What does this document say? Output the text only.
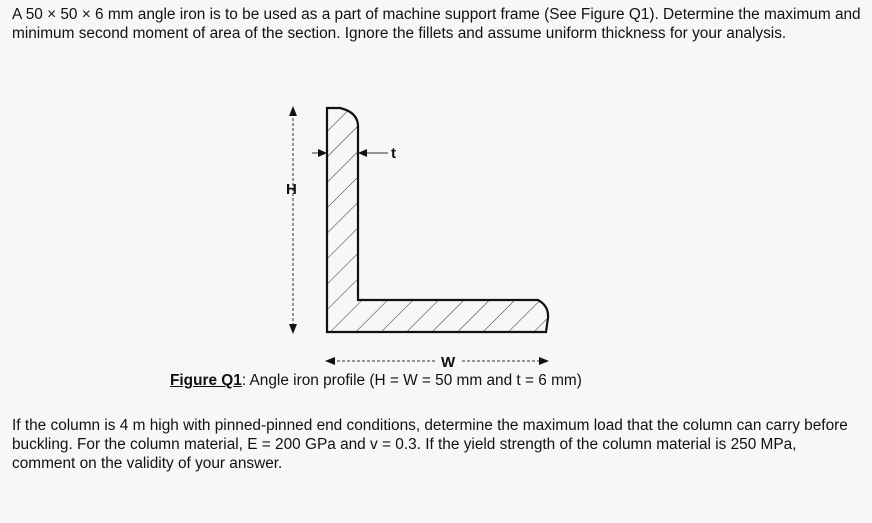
A 50 × 50 × 6 mm angle iron is to be used as a part of machine support frame (See Figure Q1). Determine the maximum and minimum second moment of area of the section. Ignore the fillets and assume uniform thickness for your analysis.

H
t
W
Figure Q1: Angle iron profile (H = W = 50 mm and t = 6 mm)

If the column is 4 m high with pinned-pinned end conditions, determine the maximum load that the column can carry before buckling. For the column material, E = 200 GPa and v = 0.3. If the yield strength of the column material is 250 MPa, comment on the validity of your answer.
